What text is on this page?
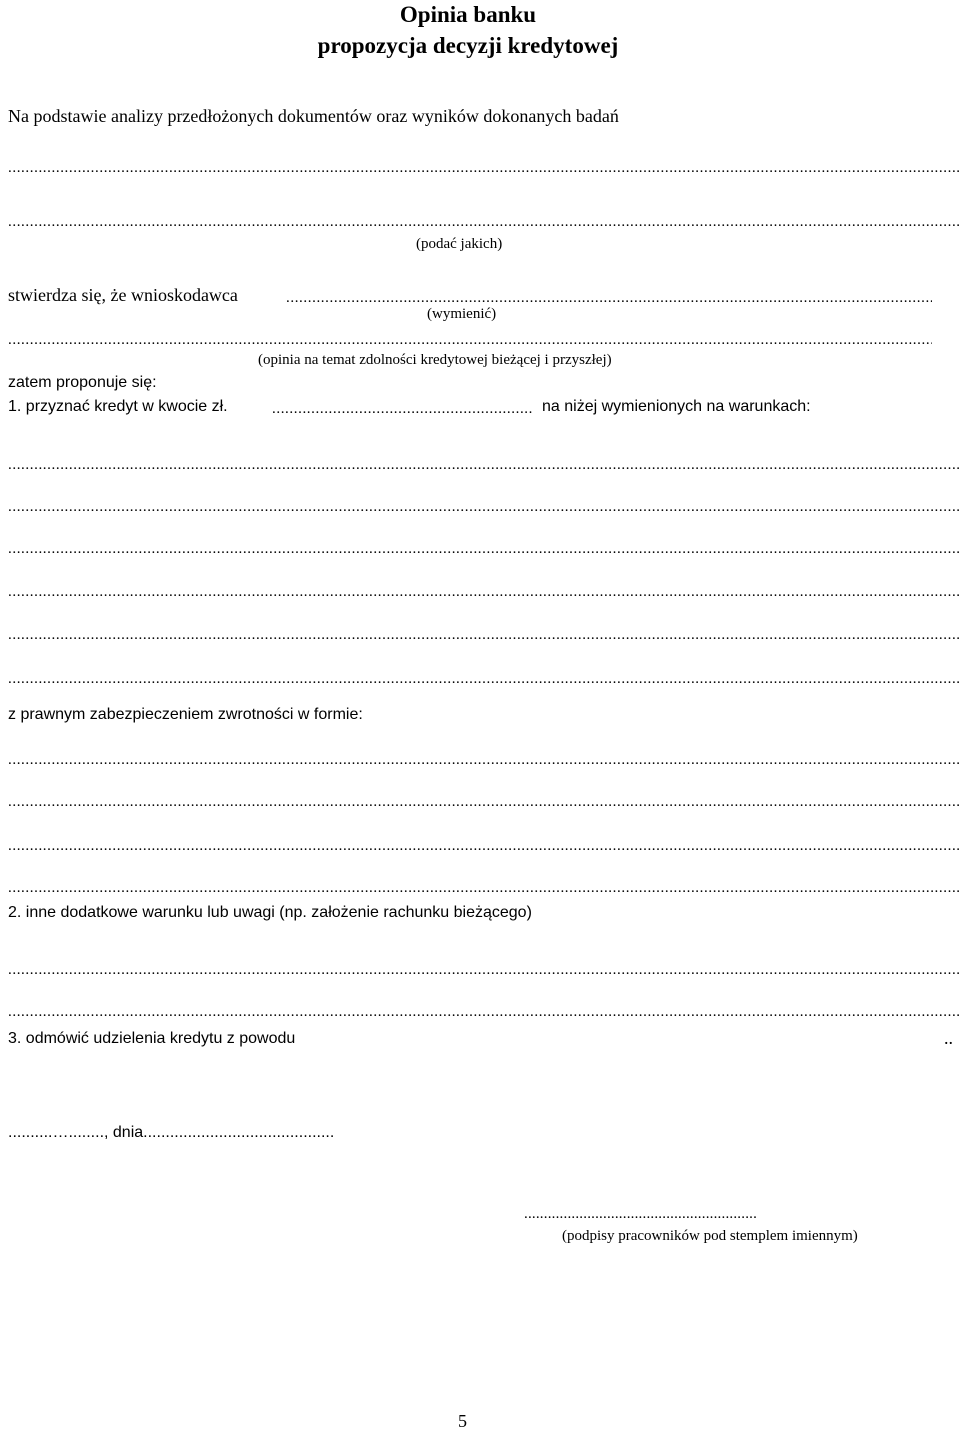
Opinia banku
propozycja decyzji kredytowej
Na podstawie analizy przedłożonych dokumentów oraz wyników dokonanych badań
.....
.....
(podać jakich)
stwierdza się, że wnioskodawca
.....
(wymienić)
.....
(opinia na temat zdolności kredytowej bieżącej i przyszłej)
zatem proponuje się:
1. przyznać kredyt w kwocie zł.
.....	na niżej wymienionych na warunkach:
.....
.....
.....
.....
.....
.....
z prawnym zabezpieczeniem zwrotności w formie:
.....
.....
.....
.....
2. inne dodatkowe warunku lub uwagi (np. założenie rachunku bieżącego)
.....
.....
3. odmówić udzielenia kredytu z powodu	..
..........…........, dnia...........................................
...........................................................
(podpisy pracowników pod stemplem imiennym)
5
